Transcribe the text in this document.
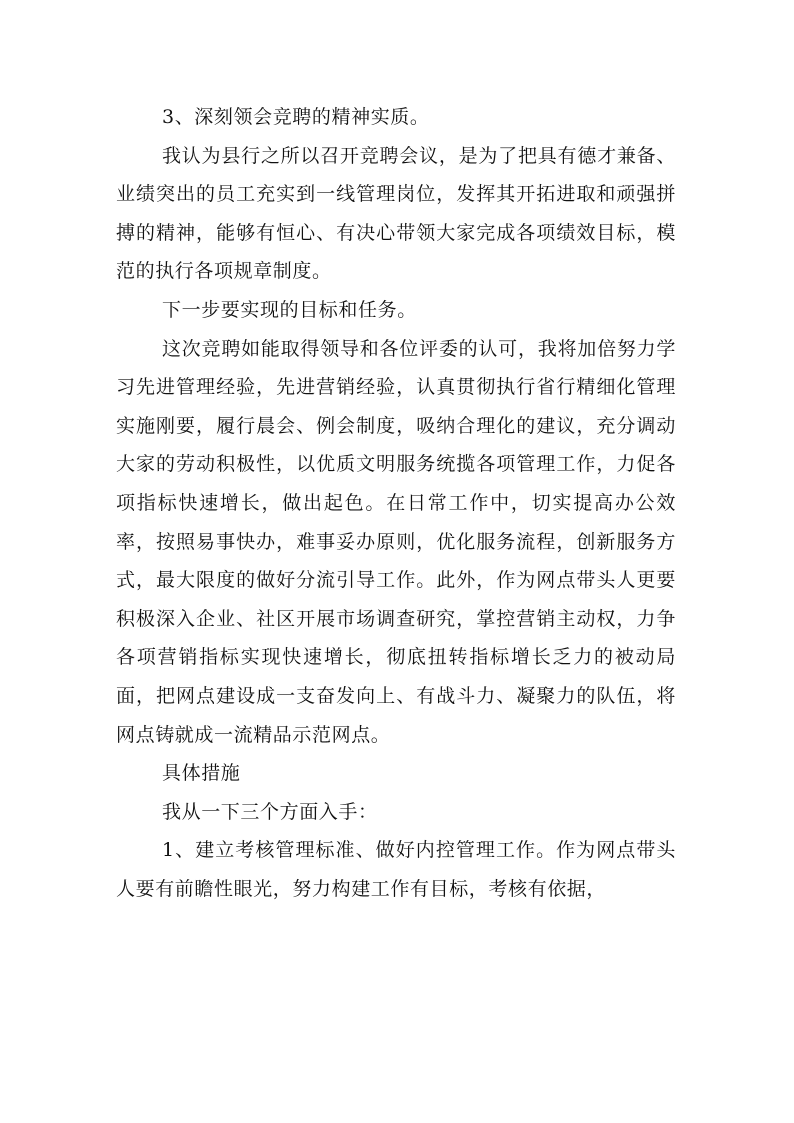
3、深刻领会竞聘的精神实质。

我认为县行之所以召开竞聘会议，是为了把具有德才兼备、业绩突出的员工充实到一线管理岗位，发挥其开拓进取和顽强拼搏的精神，能够有恒心、有决心带领大家完成各项绩效目标，模范的执行各项规章制度。

下一步要实现的目标和任务。

这次竞聘如能取得领导和各位评委的认可，我将加倍努力学习先进管理经验，先进营销经验，认真贯彻执行省行精细化管理实施刚要，履行晨会、例会制度，吸纳合理化的建议，充分调动大家的劳动积极性，以优质文明服务统揽各项管理工作，力促各项指标快速增长，做出起色。在日常工作中，切实提高办公效率，按照易事快办，难事妥办原则，优化服务流程，创新服务方式，最大限度的做好分流引导工作。此外，作为网点带头人更要积极深入企业、社区开展市场调查研究，掌控营销主动权，力争各项营销指标实现快速增长，彻底扭转指标增长乏力的被动局面，把网点建设成一支奋发向上、有战斗力、凝聚力的队伍，将网点铸就成一流精品示范网点。

具体措施

我从一下三个方面入手：

1、建立考核管理标准、做好内控管理工作。作为网点带头人要有前瞻性眼光，努力构建工作有目标，考核有依据，
